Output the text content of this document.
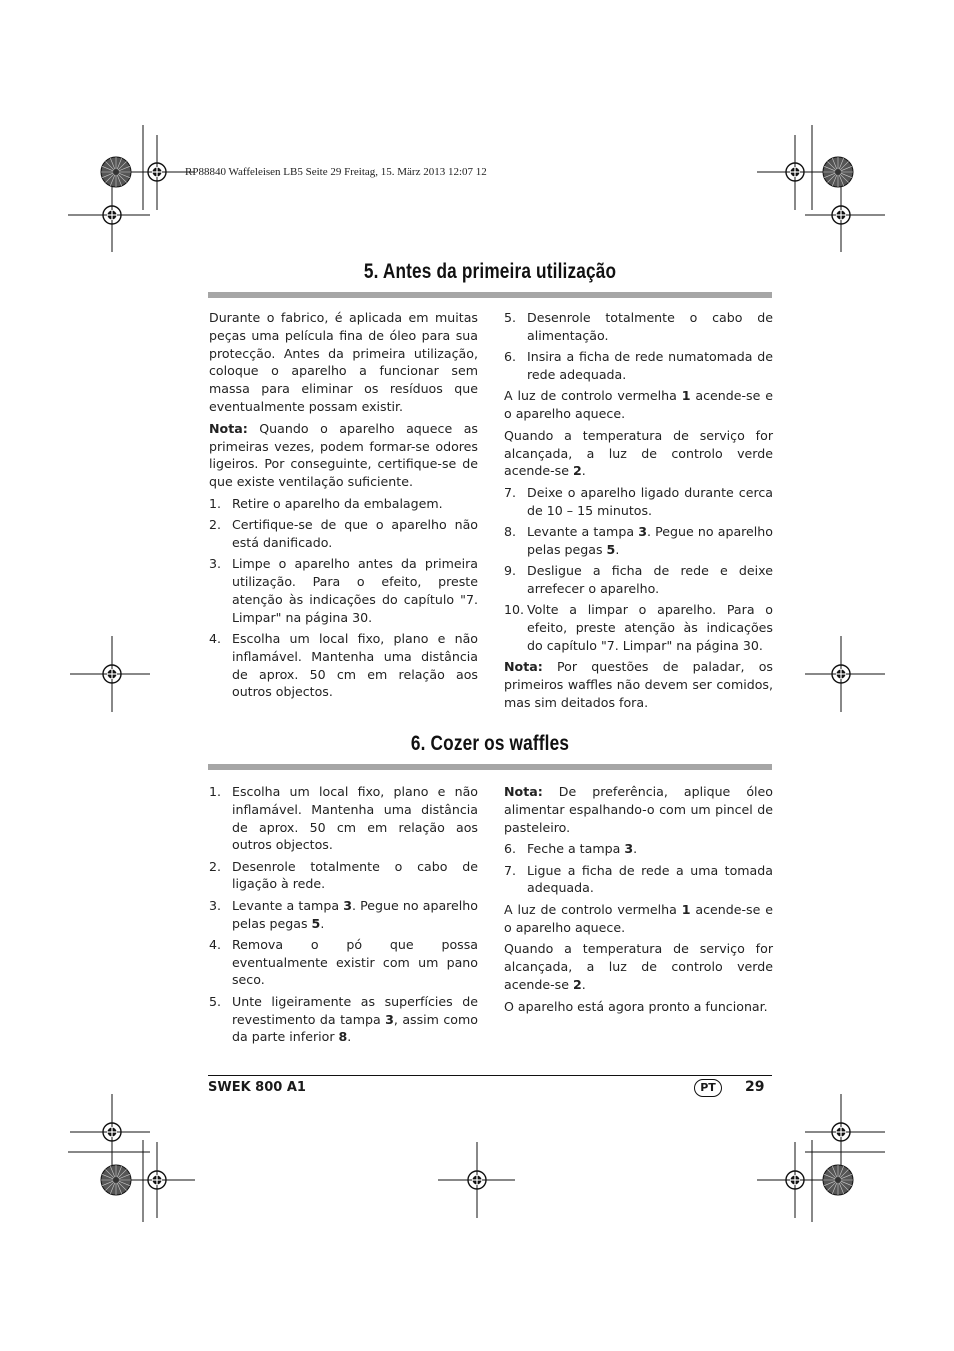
RP88840 Waffeleisen LB5 Seite 29 Freitag, 15. März 2013 12:07 12
5. Antes da primeira utilização

Durante o fabrico, é aplicada em muitas peças uma película fina de óleo para sua protecção. Antes da primeira utilização, coloque o aparelho a funcionar sem massa para eliminar os resíduos que eventualmente possam existir.

Nota: Quando o aparelho aquece as primeiras vezes, podem formar-se odores ligeiros. Por conseguinte, certifique-se de que existe ventilação suficiente.

1. Retire o aparelho da embalagem.
2. Certifique-se de que o aparelho não está danificado.
3. Limpe o aparelho antes da primeira utilização. Para o efeito, preste atenção às indicações do capítulo "7. Limpar" na página 30.
4. Escolha um local fixo, plano e não inflamável. Mantenha uma distância de aprox. 50 cm em relação aos outros objectos.
5. Desenrole totalmente o cabo de alimentação.
6. Insira a ficha de rede numatomada de rede adequada.

A luz de controlo vermelha 1 acende-se e o aparelho aquece.

Quando a temperatura de serviço for alcançada, a luz de controlo verde acende-se 2.

7. Deixe o aparelho ligado durante cerca de 10 – 15 minutos.
8. Levante a tampa 3. Pegue no aparelho pelas pegas 5.
9. Desligue a ficha de rede e deixe arrefecer o aparelho.
10. Volte a limpar o aparelho. Para o efeito, preste atenção às indicações do capítulo "7. Limpar" na página 30.

Nota: Por questões de paladar, os primeiros waffles não devem ser comidos, mas sim deitados fora.

6. Cozer os waffles
1. Escolha um local fixo, plano e não inflamável. Mantenha uma distância de aprox. 50 cm em relação aos outros objectos.
2. Desenrole totalmente o cabo de ligação à rede.
3. Levante a tampa 3. Pegue no aparelho pelas pegas 5.
4. Remova o pó que possa eventualmente existir com um pano seco.
5. Unte ligeiramente as superfícies de revestimento da tampa 3, assim como da parte inferior 8.

Nota: De preferência, aplique óleo alimentar espalhando-o com um pincel de pasteleiro.

6. Feche a tampa 3.
7. Ligue a ficha de rede a uma tomada adequada.

A luz de controlo vermelha 1 acende-se e o aparelho aquece.

Quando a temperatura de serviço for alcançada, a luz de controlo verde acende-se 2.

O aparelho está agora pronto a funcionar.

SWEK 800 A1	PT	29
